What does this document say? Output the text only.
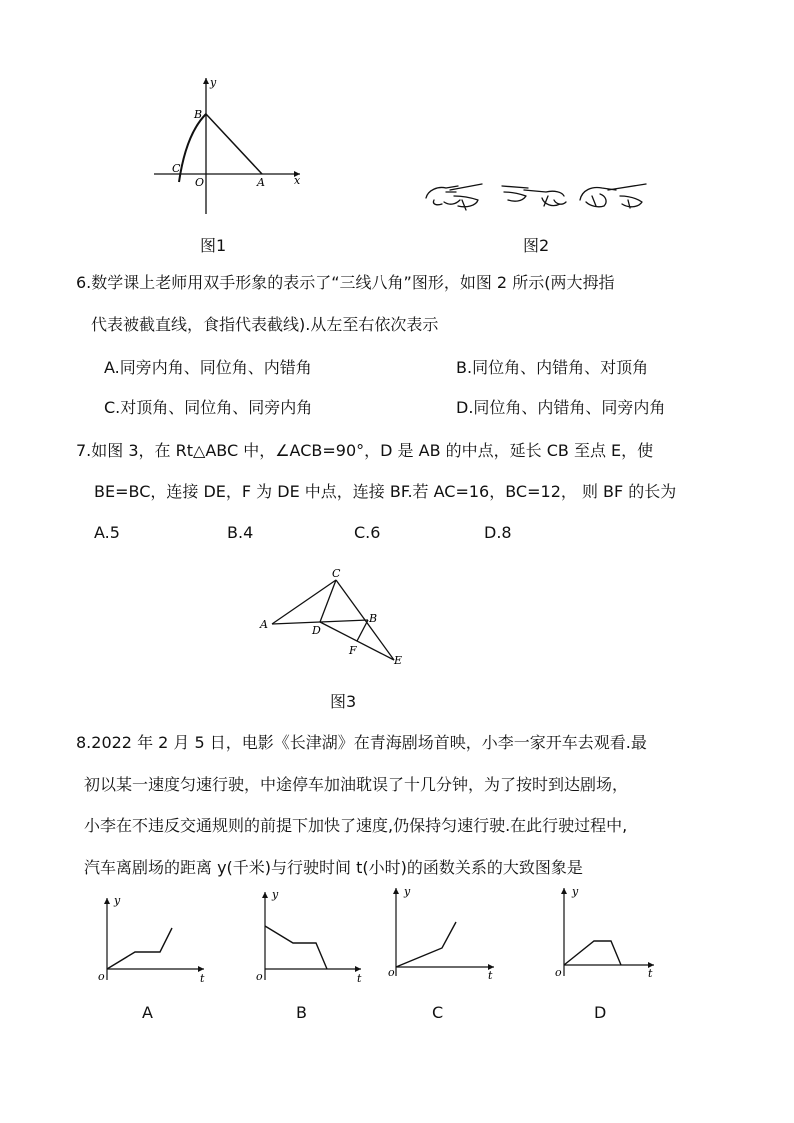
y
x
B
C
O	A
图1	图2
6.数学课上老师用双手形象的表示了“三线八角”图形，如图 2 所示(两大拇指
代表被截直线，食指代表截线).从左至右依次表示
A.同旁内角、同位角、内错角	B.同位角、内错角、对顶角
C.对顶角、同位角、同旁内角	D.同位角、内错角、同旁内角
7.如图 3，在 Rt△ABC 中，∠ACB=90°，D 是 AB 的中点，延长 CB 至点 E，使
BE=BC，连接 DE，F 为 DE 中点，连接 BF.若 AC=16，BC=12， 则 BF 的长为
A.5	B.4	C.6	D.8
C
A	D
B
F
E
图3
8.2022 年 2 月 5 日，电影《长津湖》在青海剧场首映，小李一家开车去观看.最
初以某一速度匀速行驶，中途停车加油耽误了十几分钟，为了按时到达剧场，
小李在不违反交通规则的前提下加快了速度,仍保持匀速行驶.在此行驶过程中,
汽车离剧场的距离 y(千米)与行驶时间 t(小时)的函数关系的大致图象是
y
t
o
A
y
t
o
B
y
t
o
C
y
t
o
D
